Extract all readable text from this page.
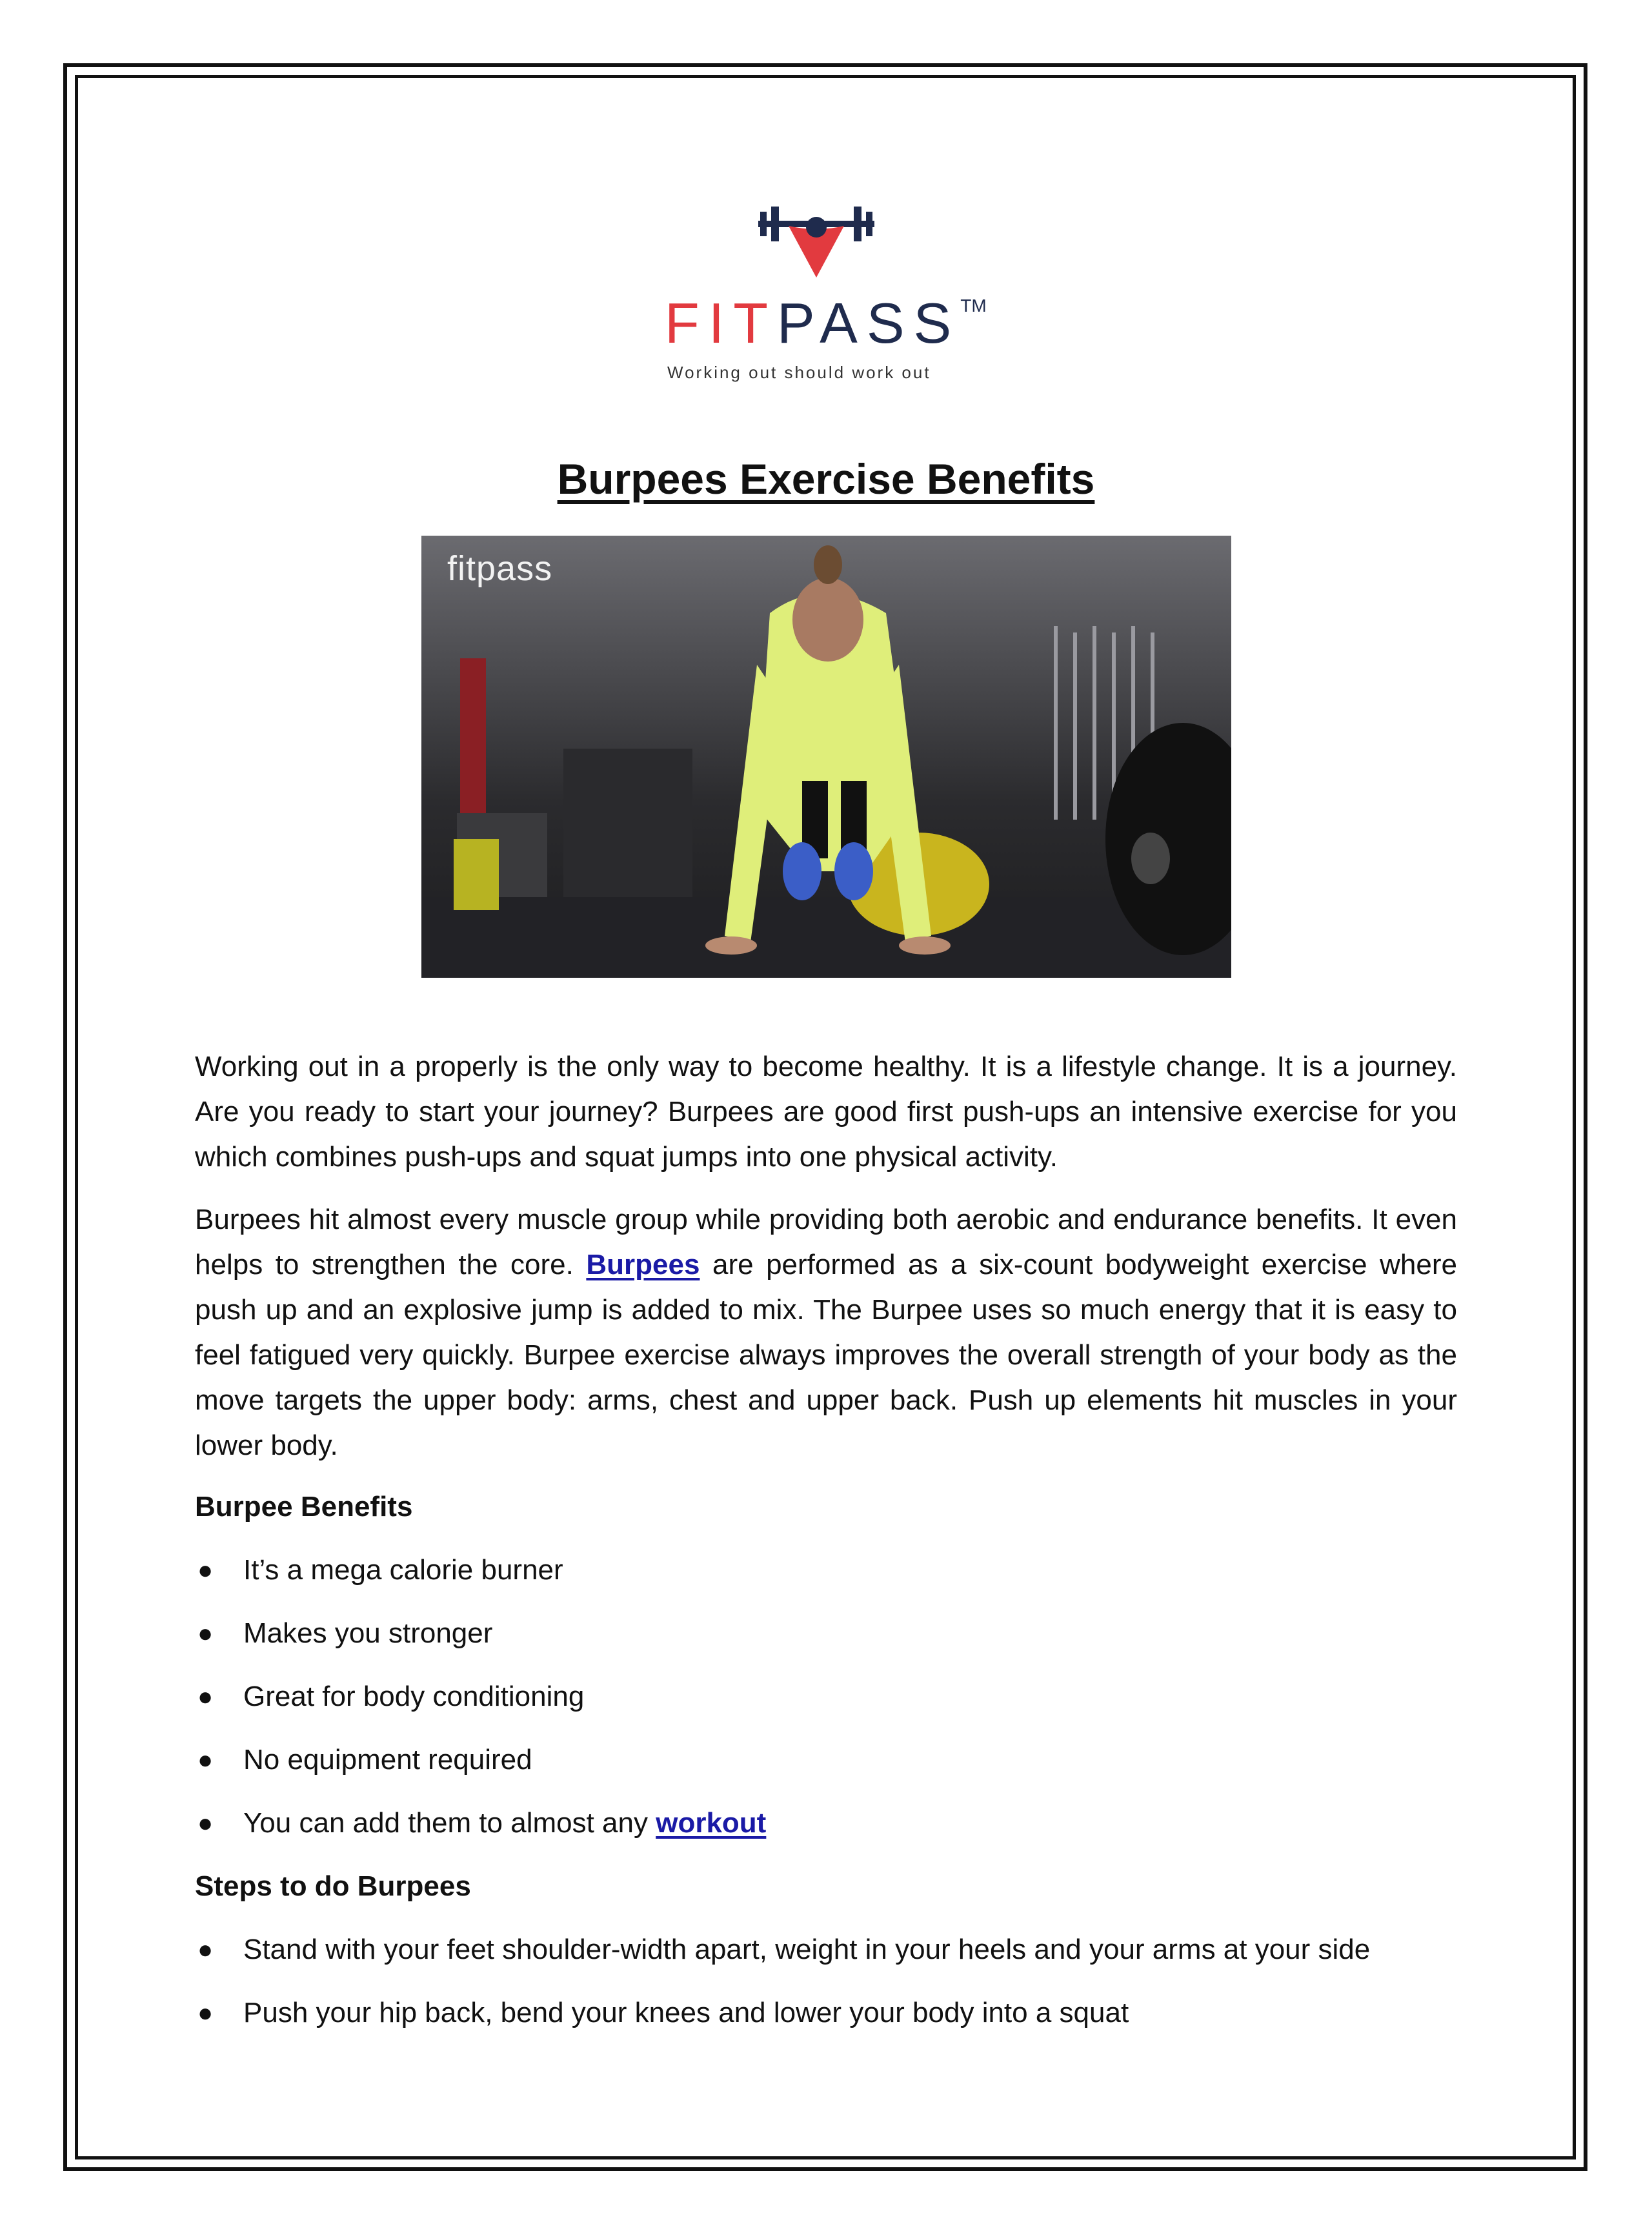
FITPASS™
Working out should work out
Burpees Exercise Benefits
fitpass

Working out in a properly is the only way to become healthy. It is a lifestyle change. It is a journey. Are you ready to start your journey? Burpees are good first push-ups an intensive exercise for you which combines push-ups and squat jumps into one physical activity.

Burpees hit almost every muscle group while providing both aerobic and endurance benefits. It even helps to strengthen the core. Burpees are performed as a six-count bodyweight exercise where push up and an explosive jump is added to mix. The Burpee uses so much energy that it is easy to feel fatigued very quickly. Burpee exercise always improves the overall strength of your body as the move targets the upper body: arms, chest and upper back. Push up elements hit muscles in your lower body.

Burpee Benefits
● It’s a mega calorie burner
● Makes you stronger
● Great for body conditioning
● No equipment required
● You can add them to almost any workout
Steps to do Burpees
● Stand with your feet shoulder-width apart, weight in your heels and your arms at your side
● Push your hip back, bend your knees and lower your body into a squat
